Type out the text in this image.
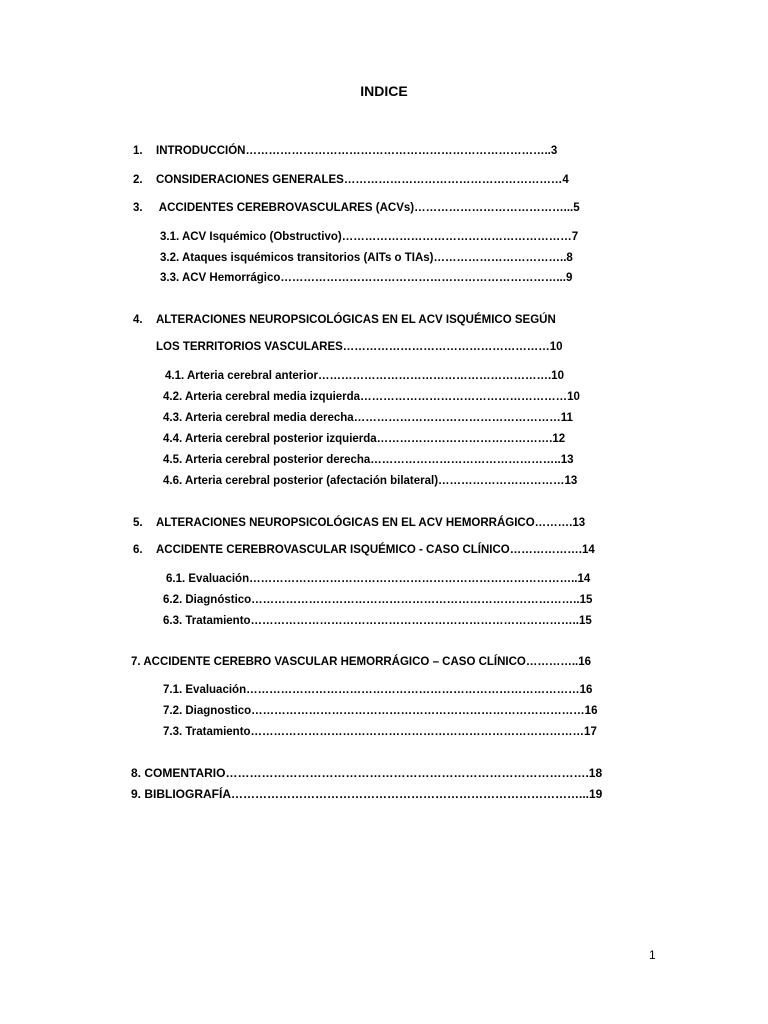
INDICE
1. INTRODUCCIÓN……………………………………………………………………..3
2. CONSIDERACIONES GENERALES…………………………………………………4
3. ACCIDENTES CEREBROVASCULARES (ACVs)…………………………………...5
3.1. ACV Isquémico (Obstructivo)……………………………………………………7
3.2. Ataques isquémicos transitorios (AITs o TIAs)……………………………..8
3.3. ACV Hemorrágico………………………………………………………………...9
4. ALTERACIONES NEUROPSICOLÓGICAS EN EL ACV ISQUÉMICO SEGÚN
LOS TERRITORIOS VASCULARES………………………………………………10
4.1. Arteria cerebral anterior…………………………………………………….10
4.2. Arteria cerebral media izquierda………………………………………………10
4.3. Arteria cerebral media derecha………………………………………………11
4.4. Arteria cerebral posterior izquierda……………………………………….12
4.5. Arteria cerebral posterior derecha…………………………………………..13
4.6. Arteria cerebral posterior (afectación bilateral)……………………………13
5. ALTERACIONES NEUROPSICOLÓGICAS EN EL ACV HEMORRÁGICO……….13
6. ACCIDENTE CEREBROVASCULAR ISQUÉMICO - CASO CLÍNICO……………….14
6.1. Evaluación…………………………………………………………………………..14
6.2. Diagnóstico…………………………………………………………………………..15
6.3. Tratamiento…………………………………………………………………………..15
7. ACCIDENTE CEREBRO VASCULAR HEMORRÁGICO – CASO CLÍNICO…………..16
7.1. Evaluación……………………………………………………………………………16
7.2. Diagnostico……………………………………………………………………………16
7.3. Tratamiento……………………………………………………………………………17
8. COMENTARIO……………………………………………………………………………….18
9. BIBLIOGRAFÍA……………………………………………………………………………...19
1
